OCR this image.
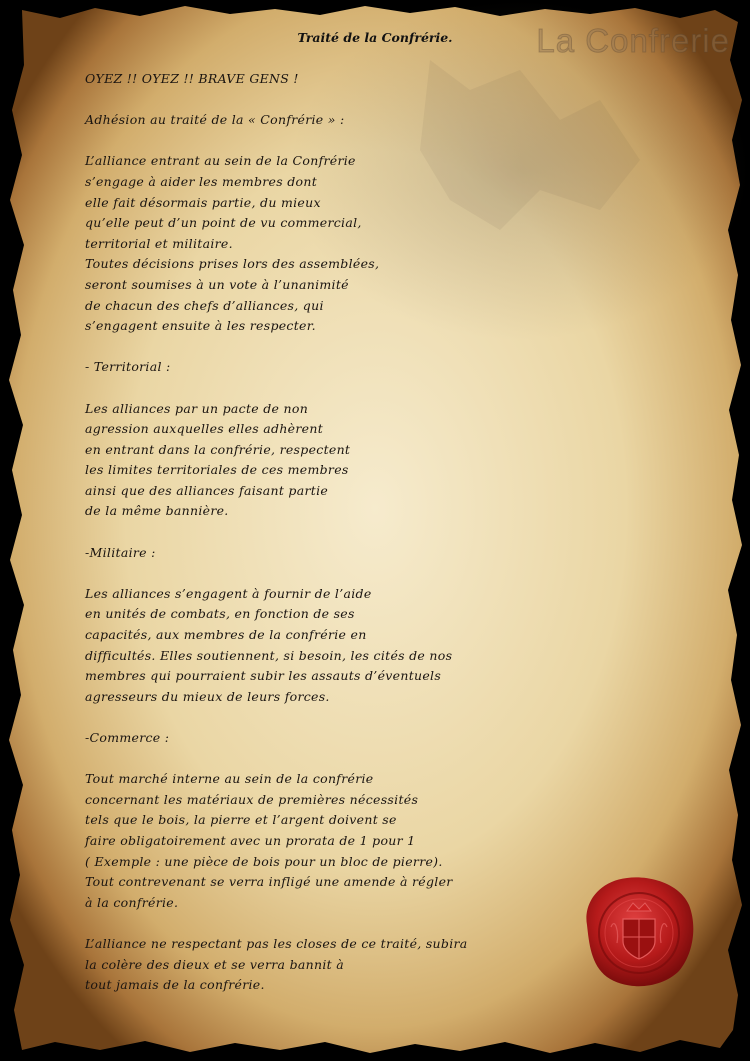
La Confrerie
Traité de la Confrérie.
OYEZ !! OYEZ !! BRAVE GENS !
Adhésion au traité de la « Confrérie » :
L’alliance entrant au sein de la Confrérie
s’engage à aider les membres dont
elle fait désormais partie, du mieux
qu’elle peut d’un point de vu commercial,
territorial et militaire.
Toutes décisions prises lors des assemblées,
seront soumises à un vote à l’unanimité
de chacun des chefs d’alliances, qui
s’engagent ensuite à les respecter.
- Territorial :
Les alliances par un pacte de non
agression auxquelles elles adhèrent
en entrant dans la confrérie, respectent
les limites territoriales de ces membres
ainsi que des alliances faisant partie
de la même bannière.
-Militaire :
Les alliances s’engagent à fournir de l’aide
en unités de combats, en fonction de ses
capacités, aux membres de la confrérie en
difficultés. Elles soutiennent, si besoin, les cités de nos
membres qui pourraient subir les assauts d’éventuels
agresseurs du mieux de leurs forces.
-Commerce :
Tout marché interne au sein de la confrérie
concernant les matériaux de premières nécessités
tels que le bois, la pierre et l’argent doivent se
faire obligatoirement avec un prorata de 1 pour 1
( Exemple : une pièce de bois pour un bloc de pierre).
Tout contrevenant se verra infligé une amende à régler
à la confrérie.
L’alliance ne respectant pas les closes de ce traité, subira
la colère des dieux et se verra bannit à
tout jamais de la confrérie.
